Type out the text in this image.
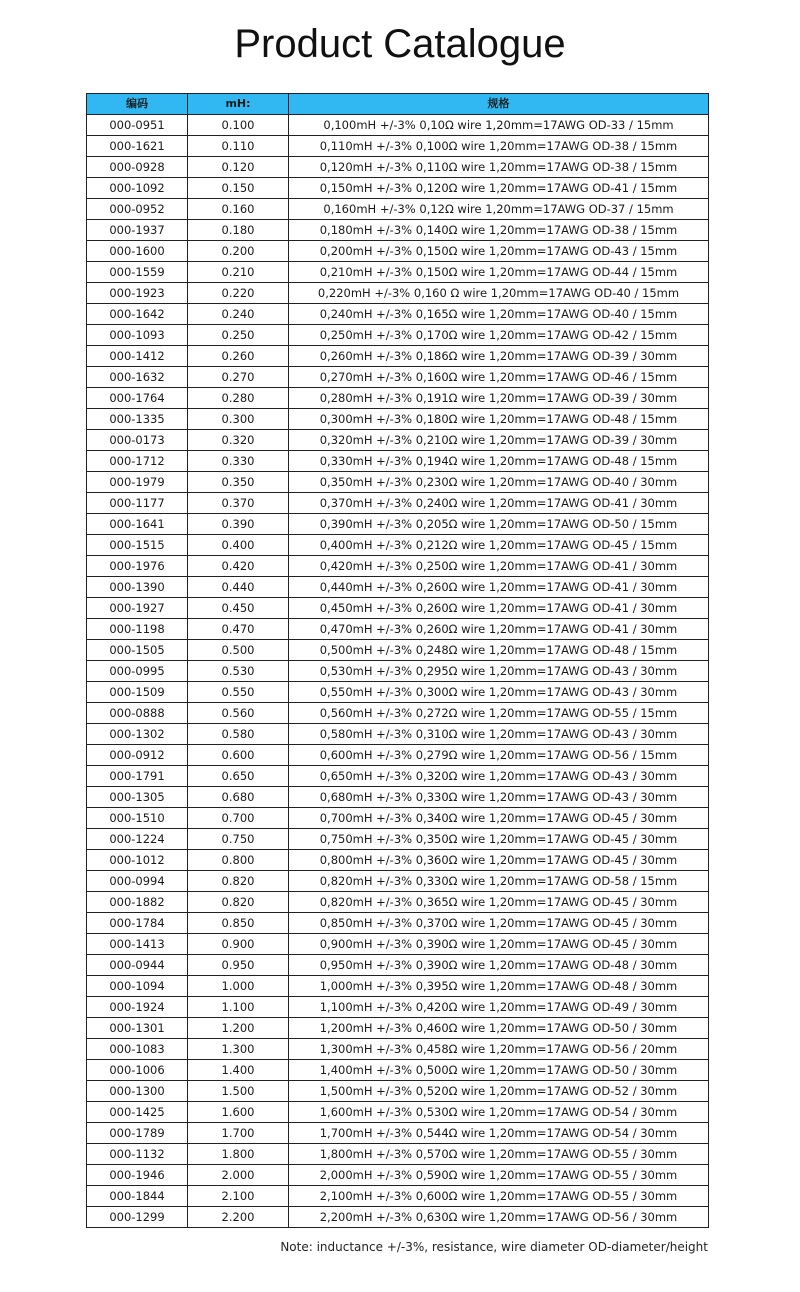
Product Catalogue
编码	mH:	规格
000-0951	0.100	0,100mH +/-3% 0,10Ω wire 1,20mm=17AWG OD-33 / 15mm
000-1621	0.110	0,110mH +/-3% 0,100Ω wire 1,20mm=17AWG OD-38 / 15mm
000-0928	0.120	0,120mH +/-3% 0,110Ω wire 1,20mm=17AWG OD-38 / 15mm
000-1092	0.150	0,150mH +/-3% 0,120Ω wire 1,20mm=17AWG OD-41 / 15mm
000-0952	0.160	0,160mH +/-3% 0,12Ω wire 1,20mm=17AWG OD-37 / 15mm
000-1937	0.180	0,180mH +/-3% 0,140Ω wire 1,20mm=17AWG OD-38 / 15mm
000-1600	0.200	0,200mH +/-3% 0,150Ω wire 1,20mm=17AWG OD-43 / 15mm
000-1559	0.210	0,210mH +/-3% 0,150Ω wire 1,20mm=17AWG OD-44 / 15mm
000-1923	0.220	0,220mH +/-3% 0,160 Ω wire 1,20mm=17AWG OD-40 / 15mm
000-1642	0.240	0,240mH +/-3% 0,165Ω wire 1,20mm=17AWG OD-40 / 15mm
000-1093	0.250	0,250mH +/-3% 0,170Ω wire 1,20mm=17AWG OD-42 / 15mm
000-1412	0.260	0,260mH +/-3% 0,186Ω wire 1,20mm=17AWG OD-39 / 30mm
000-1632	0.270	0,270mH +/-3% 0,160Ω wire 1,20mm=17AWG OD-46 / 15mm
000-1764	0.280	0,280mH +/-3% 0,191Ω wire 1,20mm=17AWG OD-39 / 30mm
000-1335	0.300	0,300mH +/-3% 0,180Ω wire 1,20mm=17AWG OD-48 / 15mm
000-0173	0.320	0,320mH +/-3% 0,210Ω wire 1,20mm=17AWG OD-39 / 30mm
000-1712	0.330	0,330mH +/-3% 0,194Ω wire 1,20mm=17AWG OD-48 / 15mm
000-1979	0.350	0,350mH +/-3% 0,230Ω wire 1,20mm=17AWG OD-40 / 30mm
000-1177	0.370	0,370mH +/-3% 0,240Ω wire 1,20mm=17AWG OD-41 / 30mm
000-1641	0.390	0,390mH +/-3% 0,205Ω wire 1,20mm=17AWG OD-50 / 15mm
000-1515	0.400	0,400mH +/-3% 0,212Ω wire 1,20mm=17AWG OD-45 / 15mm
000-1976	0.420	0,420mH +/-3% 0,250Ω wire 1,20mm=17AWG OD-41 / 30mm
000-1390	0.440	0,440mH +/-3% 0,260Ω wire 1,20mm=17AWG OD-41 / 30mm
000-1927	0.450	0,450mH +/-3% 0,260Ω wire 1,20mm=17AWG OD-41 / 30mm
000-1198	0.470	0,470mH +/-3% 0,260Ω wire 1,20mm=17AWG OD-41 / 30mm
000-1505	0.500	0,500mH +/-3% 0,248Ω wire 1,20mm=17AWG OD-48 / 15mm
000-0995	0.530	0,530mH +/-3% 0,295Ω wire 1,20mm=17AWG OD-43 / 30mm
000-1509	0.550	0,550mH +/-3% 0,300Ω wire 1,20mm=17AWG OD-43 / 30mm
000-0888	0.560	0,560mH +/-3% 0,272Ω wire 1,20mm=17AWG OD-55 / 15mm
000-1302	0.580	0,580mH +/-3% 0,310Ω wire 1,20mm=17AWG OD-43 / 30mm
000-0912	0.600	0,600mH +/-3% 0,279Ω wire 1,20mm=17AWG OD-56 / 15mm
000-1791	0.650	0,650mH +/-3% 0,320Ω wire 1,20mm=17AWG OD-43 / 30mm
000-1305	0.680	0,680mH +/-3% 0,330Ω wire 1,20mm=17AWG OD-43 / 30mm
000-1510	0.700	0,700mH +/-3% 0,340Ω wire 1,20mm=17AWG OD-45 / 30mm
000-1224	0.750	0,750mH +/-3% 0,350Ω wire 1,20mm=17AWG OD-45 / 30mm
000-1012	0.800	0,800mH +/-3% 0,360Ω wire 1,20mm=17AWG OD-45 / 30mm
000-0994	0.820	0,820mH +/-3% 0,330Ω wire 1,20mm=17AWG OD-58 / 15mm
000-1882	0.820	0,820mH +/-3% 0,365Ω wire 1,20mm=17AWG OD-45 / 30mm
000-1784	0.850	0,850mH +/-3% 0,370Ω wire 1,20mm=17AWG OD-45 / 30mm
000-1413	0.900	0,900mH +/-3% 0,390Ω wire 1,20mm=17AWG OD-45 / 30mm
000-0944	0.950	0,950mH +/-3% 0,390Ω wire 1,20mm=17AWG OD-48 / 30mm
000-1094	1.000	1,000mH +/-3% 0,395Ω wire 1,20mm=17AWG OD-48 / 30mm
000-1924	1.100	1,100mH +/-3% 0,420Ω wire 1,20mm=17AWG OD-49 / 30mm
000-1301	1.200	1,200mH +/-3% 0,460Ω wire 1,20mm=17AWG OD-50 / 30mm
000-1083	1.300	1,300mH +/-3% 0,458Ω wire 1,20mm=17AWG OD-56 / 20mm
000-1006	1.400	1,400mH +/-3% 0,500Ω wire 1,20mm=17AWG OD-50 / 30mm
000-1300	1.500	1,500mH +/-3% 0,520Ω wire 1,20mm=17AWG OD-52 / 30mm
000-1425	1.600	1,600mH +/-3% 0,530Ω wire 1,20mm=17AWG OD-54 / 30mm
000-1789	1.700	1,700mH +/-3% 0,544Ω wire 1,20mm=17AWG OD-54 / 30mm
000-1132	1.800	1,800mH +/-3% 0,570Ω wire 1,20mm=17AWG OD-55 / 30mm
000-1946	2.000	2,000mH +/-3% 0,590Ω wire 1,20mm=17AWG OD-55 / 30mm
000-1844	2.100	2,100mH +/-3% 0,600Ω wire 1,20mm=17AWG OD-55 / 30mm
000-1299	2.200	2,200mH +/-3% 0,630Ω wire 1,20mm=17AWG OD-56 / 30mm
Note: inductance +/-3%, resistance, wire diameter OD-diameter/height
